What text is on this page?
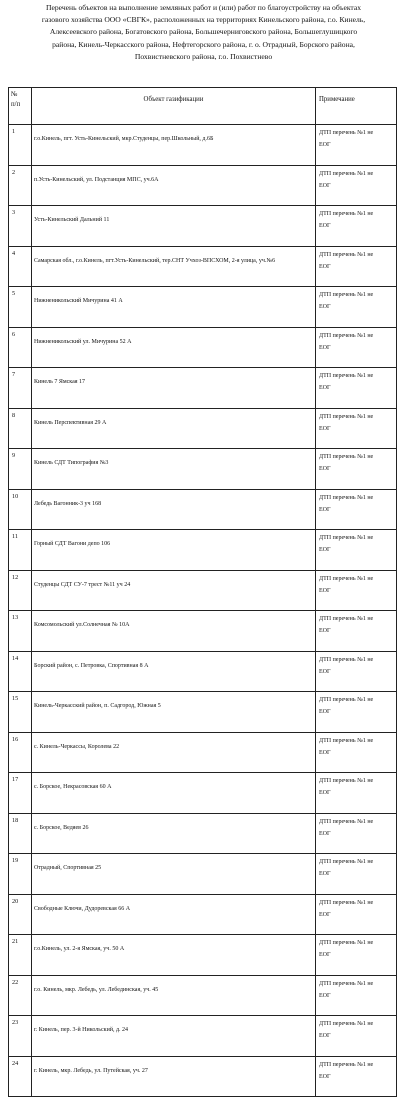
Перечень объектов на выполнение земляных работ и (или) работ по благоустройству на объектах
газового хозяйства ООО «СВГК», расположенных на территориях Кинельского района, г.о. Кинель,
Алексеевского района, Богатовского района, Большечерниговского района, Большеглушицкого
района, Кинель-Черкасского района, Нефтегорского района, г. о. Отрадный, Борского района,
Похвистневского района, г.о. Похвистнево
№
п/п	Объект газификации	Примечание
1	г.о.Кинель, пгт. Усть-Кинельский, мкр.Студенцы, пер.Школьный, д.6Б	ДТП перечень №1 не
ЕОГ

2	п.Усть-Кинельский, ул. Подстанция МПС, уч.6А	ДТП перечень №1 не
ЕОГ

3	Усть-Кинельский Дальний 11	ДТП перечень №1 не
ЕОГ

4	Самарская обл., г.о.Кинель, пгт.Усть-Кинельский, тер.СНТ Учхоз-ВПСХОМ, 2-я улица, уч.№6	ДТП перечень №1 не
ЕОГ

5	Нижненикольский Мичурина 41 А	ДТП перечень №1 не
ЕОГ

6	Нижненикольский ул. Мичурина 52 А	ДТП перечень №1 не
ЕОГ

7	Кинель 7 Ямская 17	ДТП перечень №1 не
ЕОГ

8	Кинель Перспективная 29 А	ДТП перечень №1 не
ЕОГ

9	Кинель СДТ Типография №3	ДТП перечень №1 не
ЕОГ

10	Лебедь Вагонник-3 уч 168	ДТП перечень №1 не
ЕОГ

11	Горный СДТ Вагони депо 106	ДТП перечень №1 не
ЕОГ

12	Студенцы СДТ СУ-7 трест №11 уч 24	ДТП перечень №1 не
ЕОГ

13	Комсомольский ул.Солнечная № 10А	ДТП перечень №1 не
ЕОГ

14	Борский район, с. Петровка, Спортивная 8 А	ДТП перечень №1 не
ЕОГ

15	Кинель-Черкасский район, п. Садгород, Южная 5	ДТП перечень №1 не
ЕОГ

16	с. Кинель-Черкассы, Королева 22	ДТП перечень №1 не
ЕОГ

17	с. Борское, Некрасовская 60 А	ДТП перечень №1 не
ЕОГ

18	с. Борское, Ведяев 26	ДТП перечень №1 не
ЕОГ

19	Отрадный, Спортивная 25	ДТП перечень №1 не
ЕОГ

20	Свободные Ключи, Дудоревская 66 А	ДТП перечень №1 не
ЕОГ

21	г.о.Кинель, ул. 2-я Ямская, уч. 50 А	ДТП перечень №1 не
ЕОГ

22	г.о. Кинель, мкр. Лебедь, ул. Лебединская, уч. 45	ДТП перечень №1 не
ЕОГ

23	г. Кинель, пер. 3-й Никольский, д. 24	ДТП перечень №1 не
ЕОГ

24	г. Кинель, мкр. Лебедь, ул. Путейская, уч. 27	ДТП перечень №1 не
ЕОГ
